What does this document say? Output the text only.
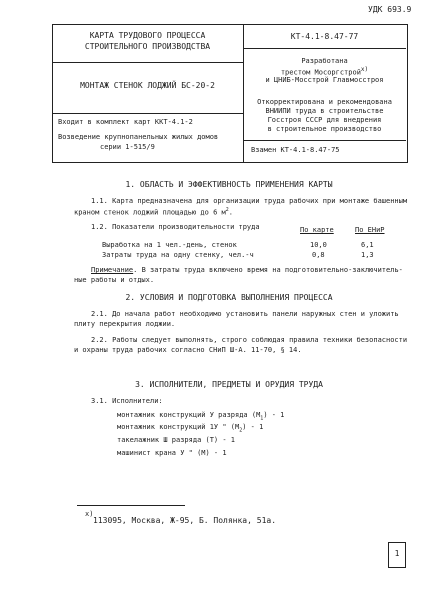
УДК 693.9
КАРТА ТРУДОВОГО ПРОЦЕССА
СТРОИТЕЛЬНОГО ПРОИЗВОДСТВА
КТ-4.1-8.47-77
Разработана
трестом Мосоргстрой$^{х)}$
и ЦНИБ-Мосстрой Главмосстроя
МОНТАЖ СТЕНОК ЛОДЖИЙ БС-20-2
Откорректирована и рекомендована
ВНИИПИ труда в строительстве
Госстроя СССР для внедрения
в строительное производство
Входит в комплект карт ККТ-4.1-2
Возведение крупнопанельных жилых домов
серии 1-515/9	Взамен КТ-4.1-8.47-75
1. ОБЛАСТЬ И ЭФФЕКТИВНОСТЬ ПРИМЕНЕНИЯ КАРТЫ
1.1. Карта предназначена для организации труда рабочих при монтаже башенным
краном стенок лоджий площадью до 6 $м^2$.
1.2. Показатели производительности труда	По карте	По ЕНиР
Выработка на 1 чел.-день, стенок	10,0	6,1
Затраты труда на одну стенку, чел.-ч	0,8	1,3
Примечание. В затраты труда включено время на подготовительно-заключитель-
ные работы и отдых.
2. УСЛОВИЯ И ПОДГОТОВКА ВЫПОЛНЕНИЯ ПРОЦЕССА
2.1. До начала работ необходимо установить панели наружных стен и уложить
плиту перекрытия лоджии.
2.2. Работы следует выполнять, строго соблюдая правила техники безопасности
и охраны труда рабочих согласно СНиП Ш-А. 11-70, § 14.
3. ИСПОЛНИТЕЛИ, ПРЕДМЕТЫ И ОРУДИЯ ТРУДА
3.1. Исполнители:
монтажник конструкций У разряда $(М_1) - 1$
монтажник конструкций 1У " $(М_2) - 1$
такелажник Ш разряда (Т) - 1
машинист крана У " (М) - 1
х)
113095, Москва, Ж-95, Б. Полянка, 51а.
1
